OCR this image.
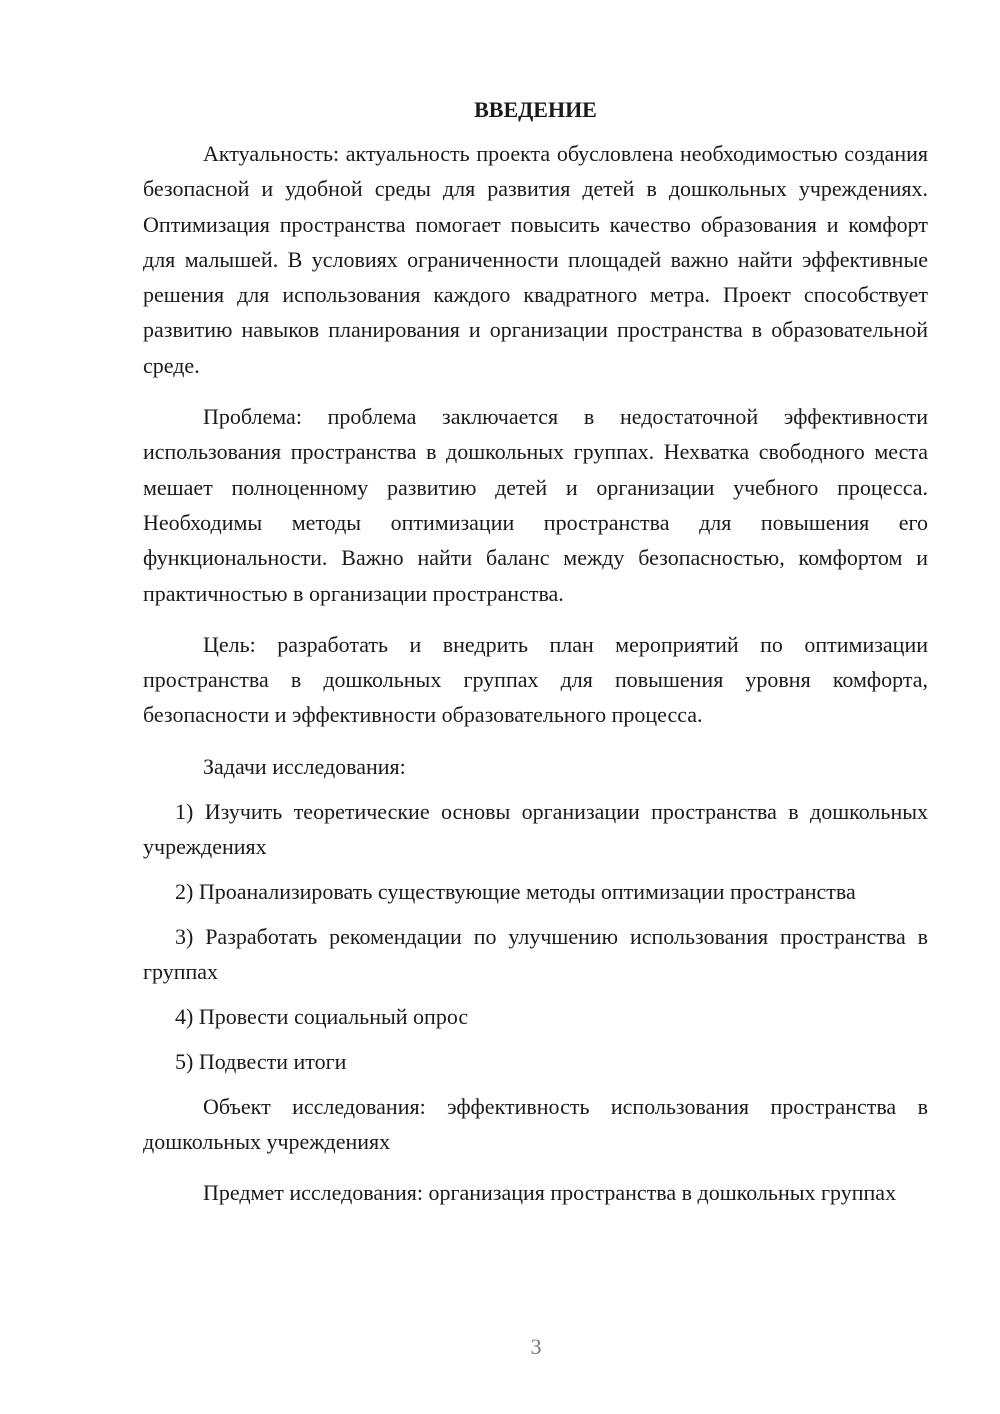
ВВЕДЕНИЕ

Актуальность: актуальность проекта обусловлена необходимостью создания безопасной и удобной среды для развития детей в дошкольных учреждениях. Оптимизация пространства помогает повысить качество образования и комфорт для малышей. В условиях ограниченности площадей важно найти эффективные решения для использования каждого квадратного метра. Проект способствует развитию навыков планирования и организации пространства в образовательной среде.

Проблема: проблема заключается в недостаточной эффективности использования пространства в дошкольных группах. Нехватка свободного места мешает полноценному развитию детей и организации учебного процесса. Необходимы методы оптимизации пространства для повышения его функциональности. Важно найти баланс между безопасностью, комфортом и практичностью в организации пространства.

Цель: разработать и внедрить план мероприятий по оптимизации пространства в дошкольных группах для повышения уровня комфорта, безопасности и эффективности образовательного процесса.

Задачи исследования:
1) Изучить теоретические основы организации пространства в дошкольных учреждениях
2) Проанализировать существующие методы оптимизации пространства
3) Разработать рекомендации по улучшению использования пространства в группах
4) Провести социальный опрос
5) Подвести итоги

Объект исследования: эффективность использования пространства в дошкольных учреждениях

Предмет исследования: организация пространства в дошкольных группах

3
